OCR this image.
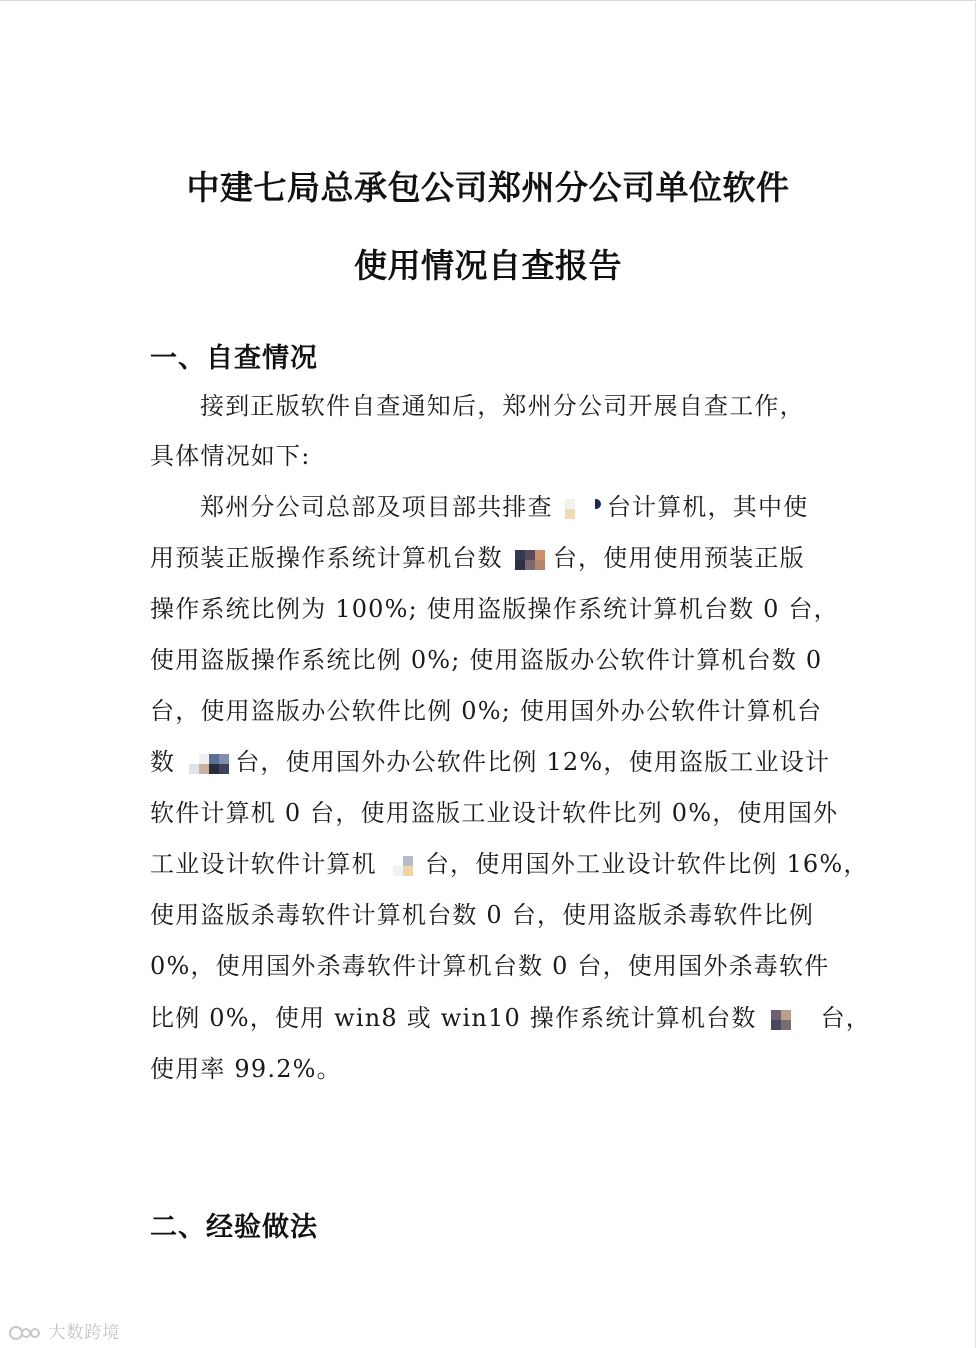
中建七局总承包公司郑州分公司单位软件
使用情况自查报告
一、自查情况
接到正版软件自查通知后，郑州分公司开展自查工作，
具体情况如下:
郑州分公司总部及项目部共排查 台计算机，其中使
用预装正版操作系统计算机台数 台，使用使用预装正版
操作系统比例为 100%; 使用盗版操作系统计算机台数 0 台，
使用盗版操作系统比例 0%; 使用盗版办公软件计算机台数 0
台，使用盗版办公软件比例 0%; 使用国外办公软件计算机台
数	台，使用国外办公软件比例 12%，使用盗版工业设计
软件计算机 0 台，使用盗版工业设计软件比列 0%，使用国外
工业设计软件计算机 台，使用国外工业设计软件比例 16%，
使用盗版杀毒软件计算机台数 0 台，使用盗版杀毒软件比例
0%，使用国外杀毒软件计算机台数 0 台，使用国外杀毒软件
比例 0%，使用 win8 或 win10 操作系统计算机台数	台，
使用率 99.2%。
二、经验做法
大数跨境
